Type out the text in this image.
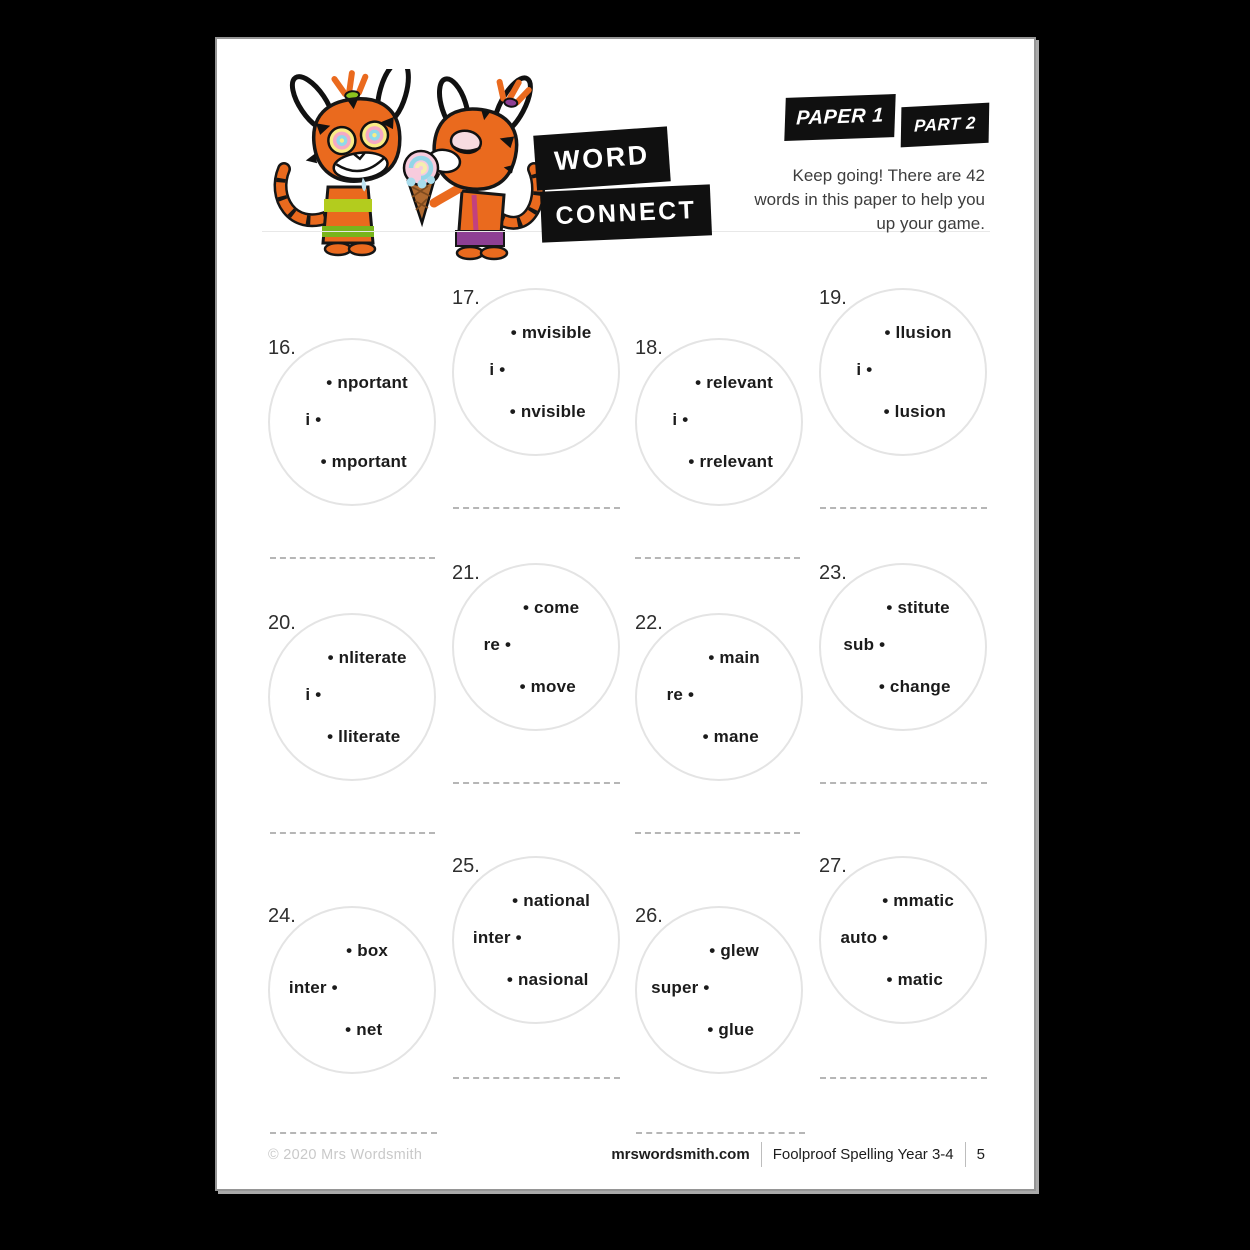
WORD
CONNECT
PAPER 1 PART 2
Keep going! There are 42
words in this paper to help you
up your game.
16.
• nportant
i •
• mportant
17.
• mvisible
i •
• nvisible
18.
• relevant
i •
• rrelevant
19.
• llusion
i •
• lusion
20.
• nliterate
i •
• lliterate
21.
• come
re •
• move
22.
• main
re •
• mane
23.
• stitute
sub •
• change
24.
• box
inter •
• net
25.
• national
inter •
• nasional
26.
• glew
super •
• glue
27.
• mmatic
auto •
• matic
© 2020 Mrs Wordsmith	mrswordsmith.com Foolproof Spelling Year 3-4 5
